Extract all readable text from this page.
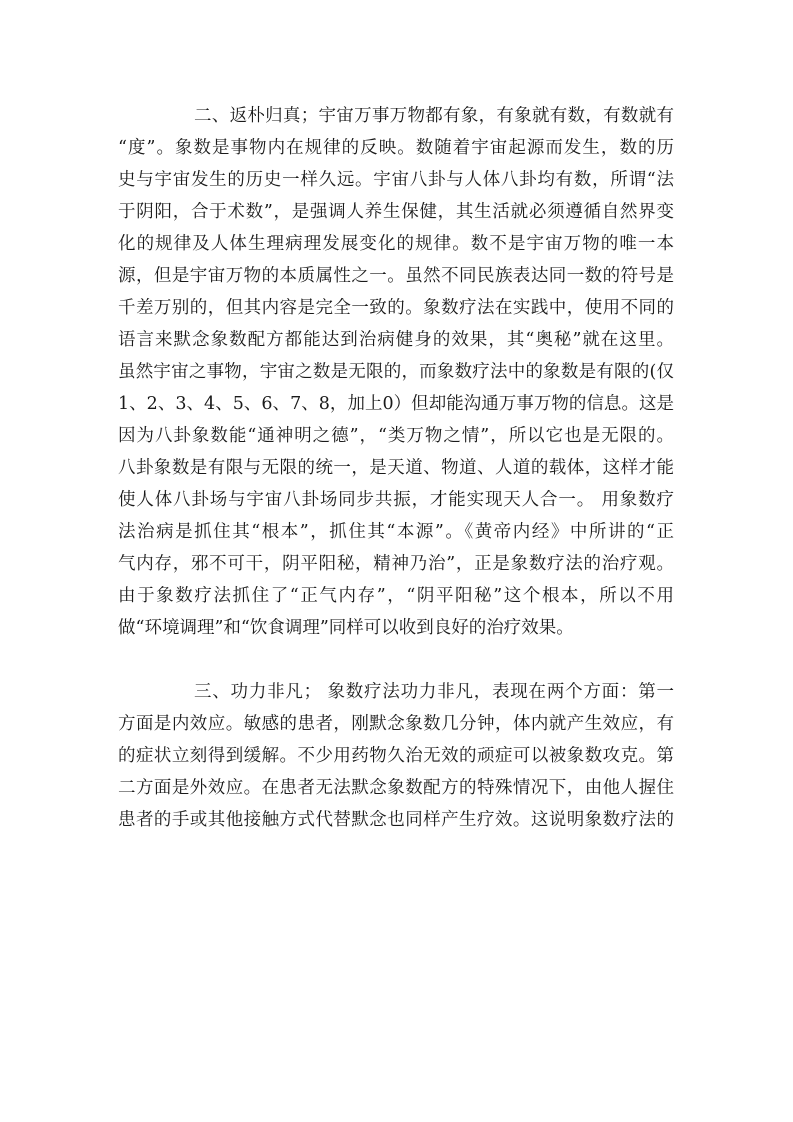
二、返朴归真；宇宙万事万物都有象，有象就有数，有数就有
“度”。象数是事物内在规律的反映。数随着宇宙起源而发生，数的历
史与宇宙发生的历史一样久远。宇宙八卦与人体八卦均有数，所谓“法
于阴阳，合于术数”，是强调人养生保健，其生活就必须遵循自然界变
化的规律及人体生理病理发展变化的规律。数不是宇宙万物的唯一本
源，但是宇宙万物的本质属性之一。虽然不同民族表达同一数的符号是
千差万别的，但其内容是完全一致的。象数疗法在实践中，使用不同的
语言来默念象数配方都能达到治病健身的效果，其“奥秘”就在这里。
虽然宇宙之事物，宇宙之数是无限的，而象数疗法中的象数是有限的(仅
1、2、3、4、5、6、7、8，加上0）但却能沟通万事万物的信息。这是
因为八卦象数能“通神明之德”，“类万物之情”，所以它也是无限的。
八卦象数是有限与无限的统一，是天道、物道、人道的载体，这样才能
使人体八卦场与宇宙八卦场同步共振，才能实现天人合一。 用象数疗
法治病是抓住其“根本”，抓住其“本源”。《黄帝内经》中所讲的“正
气内存，邪不可干，阴平阳秘，精神乃治”，正是象数疗法的治疗观。
由于象数疗法抓住了“正气内存”，“阴平阳秘”这个根本，所以不用
做“环境调理”和“饮食调理”同样可以收到良好的治疗效果。
三、功力非凡； 象数疗法功力非凡，表现在两个方面：第一
方面是内效应。敏感的患者，刚默念象数几分钟，体内就产生效应，有
的症状立刻得到缓解。不少用药物久治无效的顽症可以被象数攻克。第
二方面是外效应。在患者无法默念象数配方的特殊情况下，由他人握住
患者的手或其他接触方式代替默念也同样产生疗效。这说明象数疗法的
